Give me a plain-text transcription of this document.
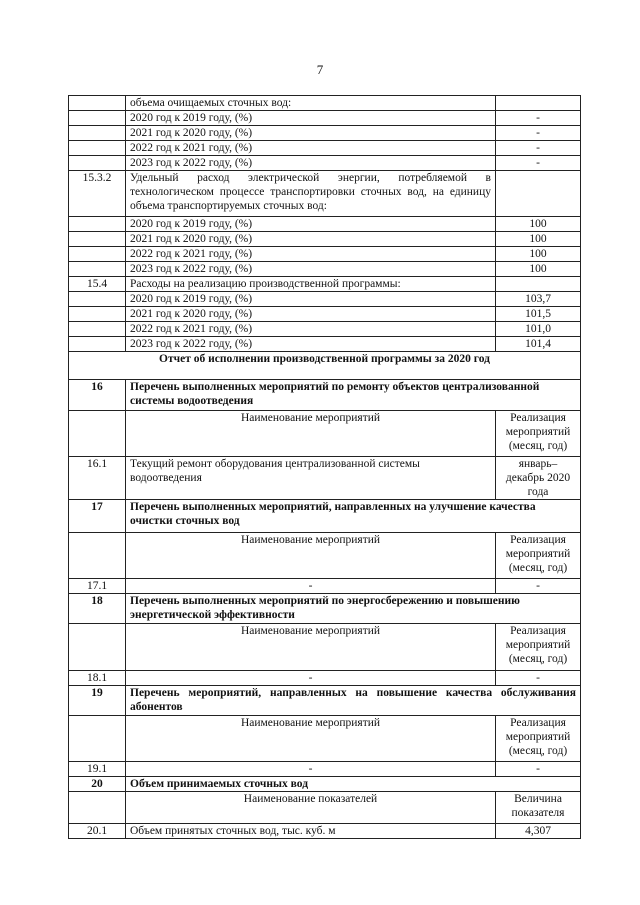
7
	объема очищаемых сточных вод:	
	2020 год к 2019 году, (%)	-
	2021 год к 2020 году, (%)	-
	2022 год к 2021 году, (%)	-
	2023 год к 2022 году, (%)	-
15.3.2	Удельный расход электрической энергии, потребляемой в технологическом процессе транспортировки сточных вод, на единицу объема транспортируемых сточных вод:	
	2020 год к 2019 году, (%)	100
	2021 год к 2020 году, (%)	100
	2022 год к 2021 году, (%)	100
	2023 год к 2022 году, (%)	100
15.4	Расходы на реализацию производственной программы:	
	2020 год к 2019 году, (%)	103,7
	2021 год к 2020 году, (%)	101,5
	2022 год к 2021 году, (%)	101,0
	2023 год к 2022 году, (%)	101,4
Отчет об исполнении производственной программы за 2020 год		
16	Перечень выполненных мероприятий по ремонту объектов централизованной системы водоотведения	
	Наименование мероприятий	Реализация мероприятий (месяц, год)
16.1	Текущий ремонт оборудования централизованной системы водоотведения	январь–декабрь 2020 года
17	Перечень выполненных мероприятий, направленных на улучшение качества очистки сточных вод	
	Наименование мероприятий	Реализация мероприятий (месяц, год)
17.1	-	-
18	Перечень выполненных мероприятий по энергосбережению и повышению энергетической эффективности	
	Наименование мероприятий	Реализация мероприятий (месяц, год)
18.1	-	-
19	Перечень мероприятий, направленных на повышение качества обслуживания абонентов	
	Наименование мероприятий	Реализация мероприятий (месяц, год)
19.1	-	-
20	Объем принимаемых сточных вод	
	Наименование показателей	Величина показателя
20.1	Объем принятых сточных вод, тыс. куб. м	4,307
